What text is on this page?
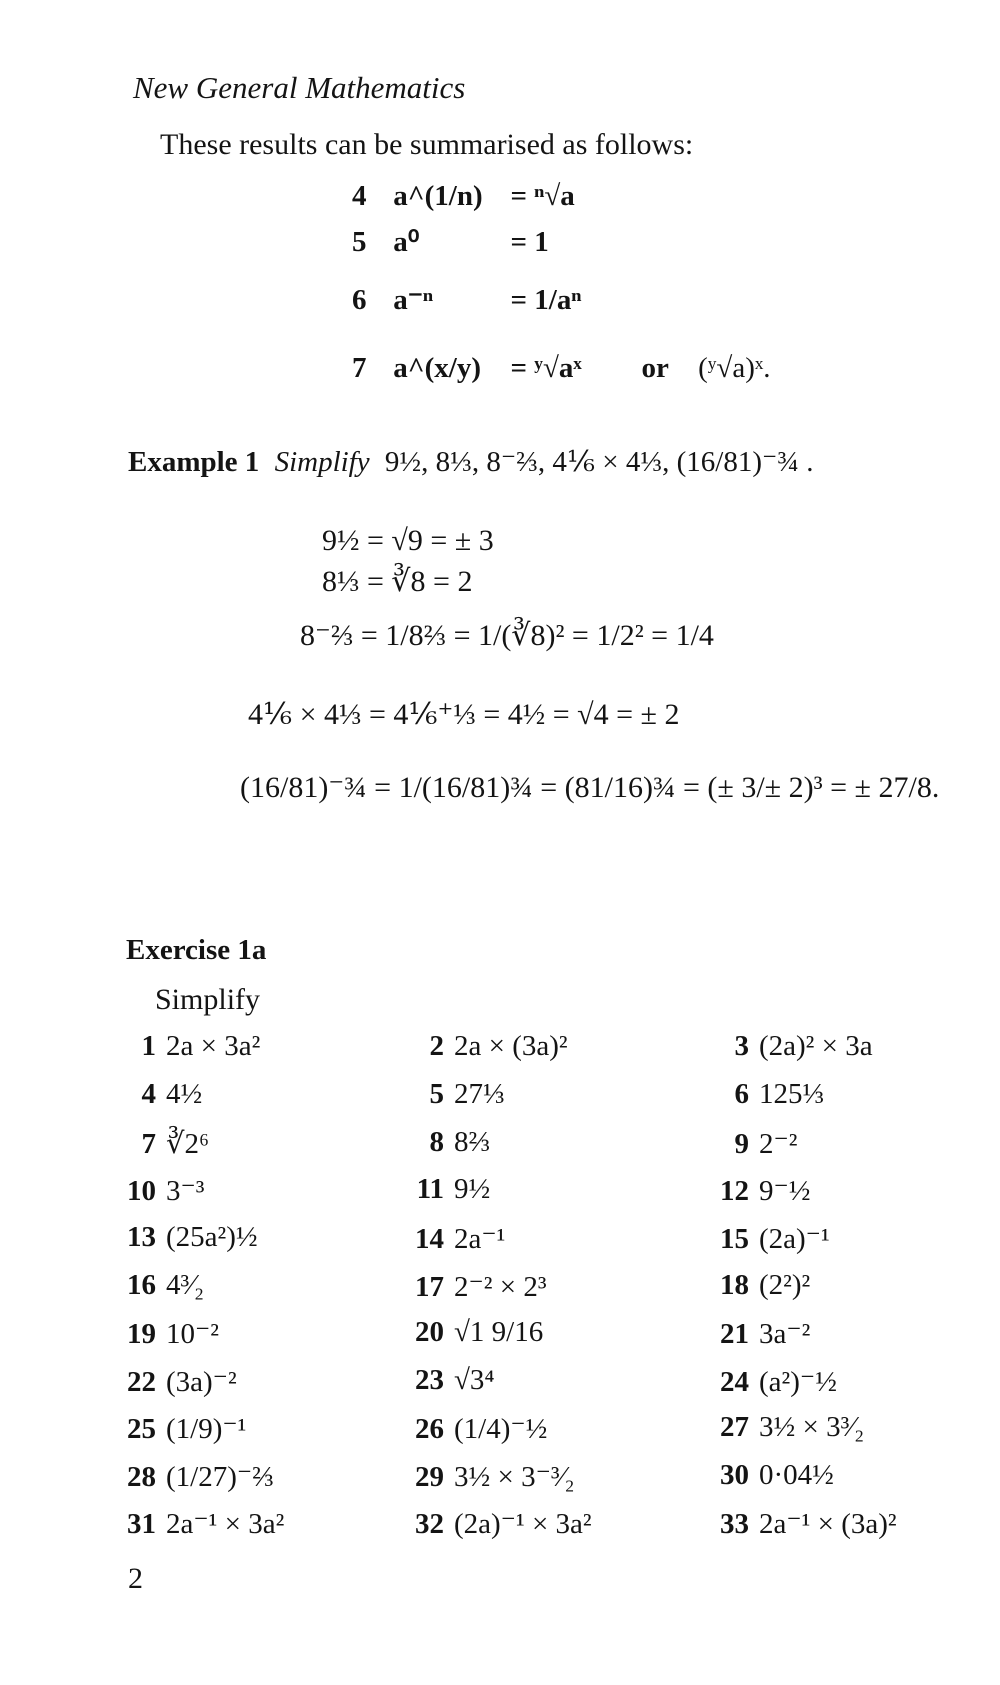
New General Mathematics
These results can be summarised as follows:
4 a^(1/n) = ⁿ√a
5 a⁰	= 1
6 a⁻ⁿ	= 1/aⁿ
7 a^(x/y) = ʸ√aˣ or (ʸ√a)ˣ.
Example 1 Simplify 9½, 8⅓, 8⁻⅔, 4⅙ × 4⅓, (16/81)⁻¾ .
9½ = √9 = ± 3
8⅓ = ∛8 = 2
8⁻⅔ = 1/8⅔ = 1/(∛8)² = 1/2² = 1/4
4⅙ × 4⅓ = 4⅙⁺⅓ = 4½ = √4 = ± 2
(16/81)⁻¾ = 1/(16/81)¾ = (81/16)¾ = (± 3/± 2)³ = ± 27/8.
Exercise 1a
Simplify
1 2a × 3a²	2 2a × (3a)²	3 (2a)² × 3a
4 4½	5 27⅓	6 125⅓
7 ∛2⁶	8 8⅔	9 2⁻²
10 3⁻³	11 9½	12 9⁻½
13 (25a²)½	14 2a⁻¹	15 (2a)⁻¹
16 4³⁄₂	17 2⁻² × 2³	18 (2²)²
19 10⁻²	20 √1 9/16	21 3a⁻²
22 (3a)⁻²	23 √3⁴	24 (a²)⁻½
25 (1/9)⁻¹	26 (1/4)⁻½	27 3½ × 3³⁄₂
28 (1/27)⁻⅔	29 3½ × 3⁻³⁄₂	30 0·04½
31 2a⁻¹ × 3a²	32 (2a)⁻¹ × 3a²	33 2a⁻¹ × (3a)²
2
